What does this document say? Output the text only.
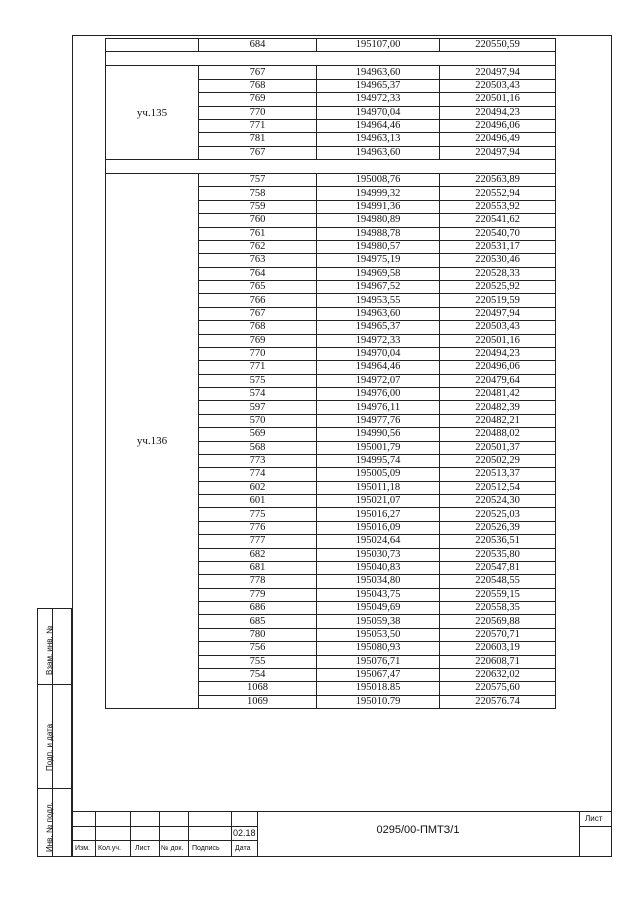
	684	195107,00	220550,59

уч.135	767	194963,60	220497,94
	768	194965,37	220503,43
	769	194972,33	220501,16
	770	194970,04	220494,23
	771	194964,46	220496,06
	781	194963,13	220496,49
	767	194963,60	220497,94

уч.136	757	195008,76	220563,89
	758	194999,32	220552,94
	759	194991,36	220553,92
	760	194980,89	220541,62
	761	194988,78	220540,70
	762	194980,57	220531,17
	763	194975,19	220530,46
	764	194969,58	220528,33
	765	194967,52	220525,92
	766	194953,55	220519,59
	767	194963,60	220497,94
	768	194965,37	220503,43
	769	194972,33	220501,16
	770	194970,04	220494,23
	771	194964,46	220496,06
	575	194972,07	220479,64
	574	194976,00	220481,42
	597	194976,11	220482,39
	570	194977,76	220482,21
	569	194990,56	220488,02
	568	195001,79	220501,37
	773	194995,74	220502,29
	774	195005,09	220513,37
	602	195011,18	220512,54
	601	195021,07	220524,30
	775	195016,27	220525,03
	776	195016,09	220526,39
	777	195024,64	220536,51
	682	195030,73	220535,80
	681	195040,83	220547,81
	778	195034,80	220548,55
	779	195043,75	220559,15
	686	195049,69	220558,35
	685	195059,38	220569,88
	780	195053,50	220570,71
	756	195080,93	220603,19
	755	195076,71	220608,71
	754	195067,47	220632,02
	1068	195018.85	220575,60
	1069	195010.79	220576.74
Взам. инв. №
Подп. и дата
Инв. № подл.	02.18
Изм. Кол.уч. Лист № док. Подпись Дата
0295/00-ПМТЗ/1
Лист
